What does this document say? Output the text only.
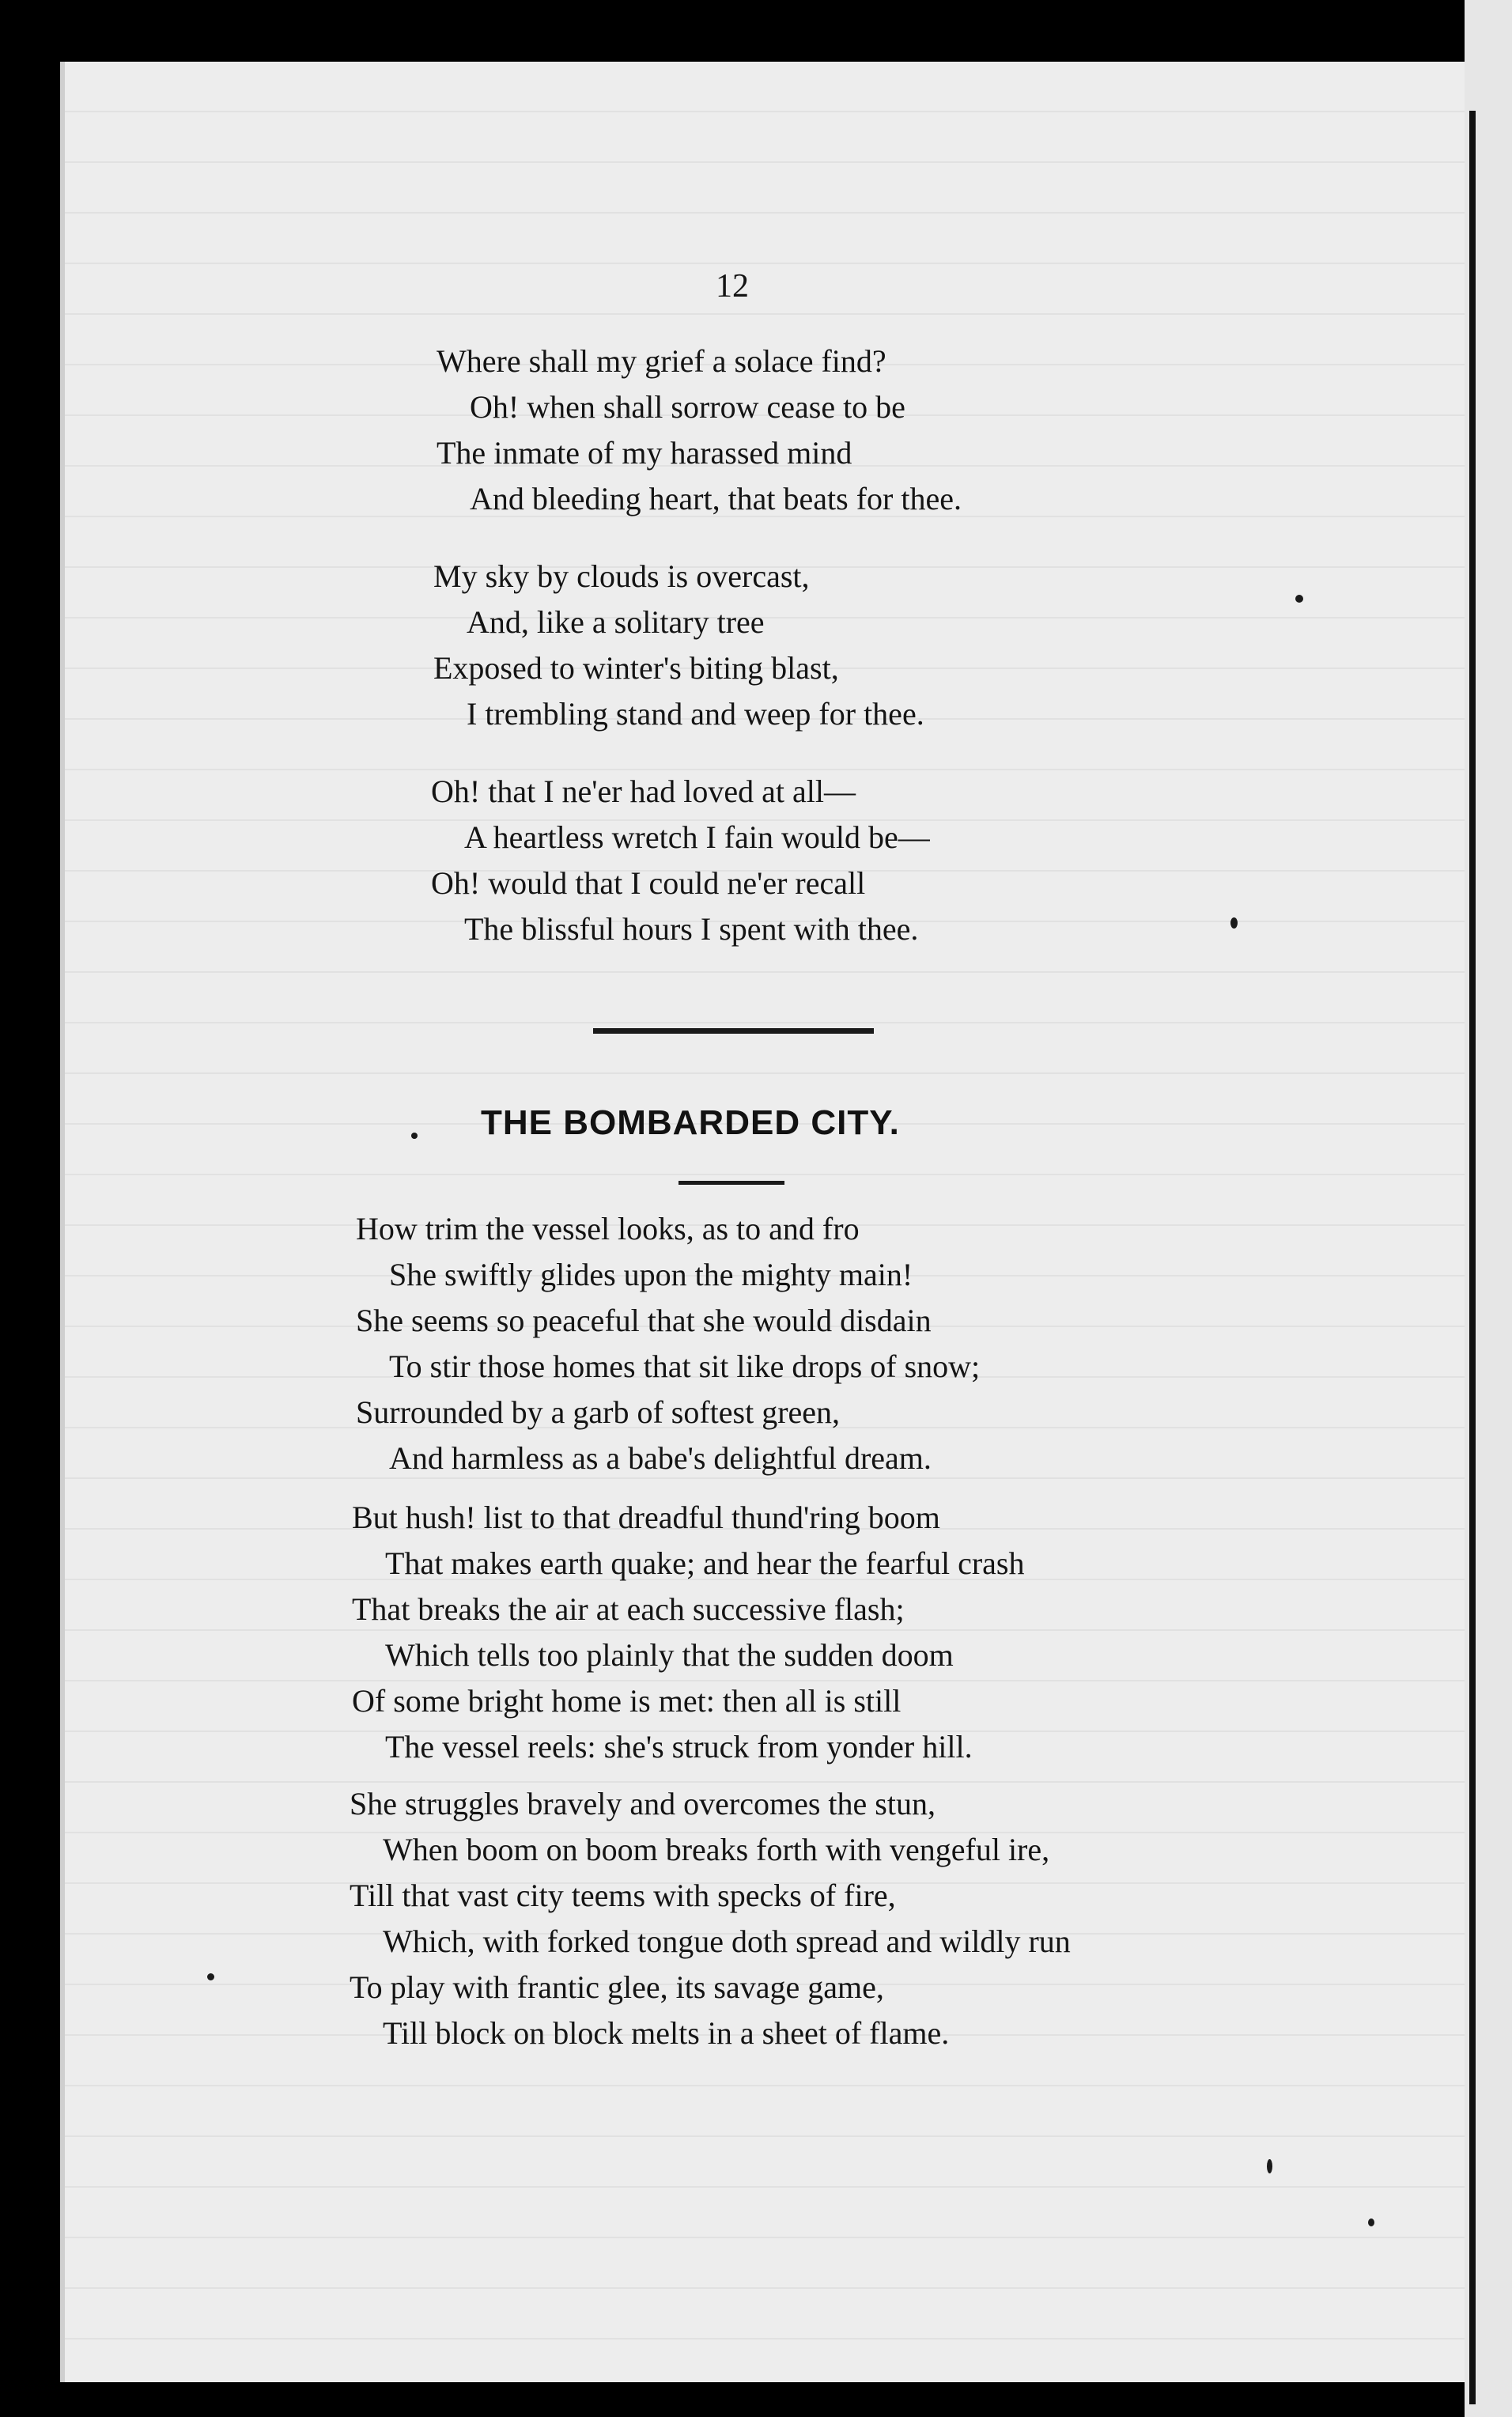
12
Where shall my grief a solace find?
Oh! when shall sorrow cease to be
The inmate of my harassed mind
And bleeding heart, that beats for thee.
My sky by clouds is overcast,
And, like a solitary tree
Exposed to winter's biting blast,
I trembling stand and weep for thee.
Oh! that I ne'er had loved at all—
A heartless wretch I fain would be—
Oh! would that I could ne'er recall
The blissful hours I spent with thee.
THE BOMBARDED CITY.
How trim the vessel looks, as to and fro
She swiftly glides upon the mighty main!
She seems so peaceful that she would disdain
To stir those homes that sit like drops of snow;
Surrounded by a garb of softest green,
And harmless as a babe's delightful dream.
But hush! list to that dreadful thund'ring boom
That makes earth quake; and hear the fearful crash
That breaks the air at each successive flash;
Which tells too plainly that the sudden doom
Of some bright home is met: then all is still
The vessel reels: she's struck from yonder hill.
She struggles bravely and overcomes the stun,
When boom on boom breaks forth with vengeful ire,
Till that vast city teems with specks of fire,
Which, with forked tongue doth spread and wildly run
To play with frantic glee, its savage game,
Till block on block melts in a sheet of flame.
